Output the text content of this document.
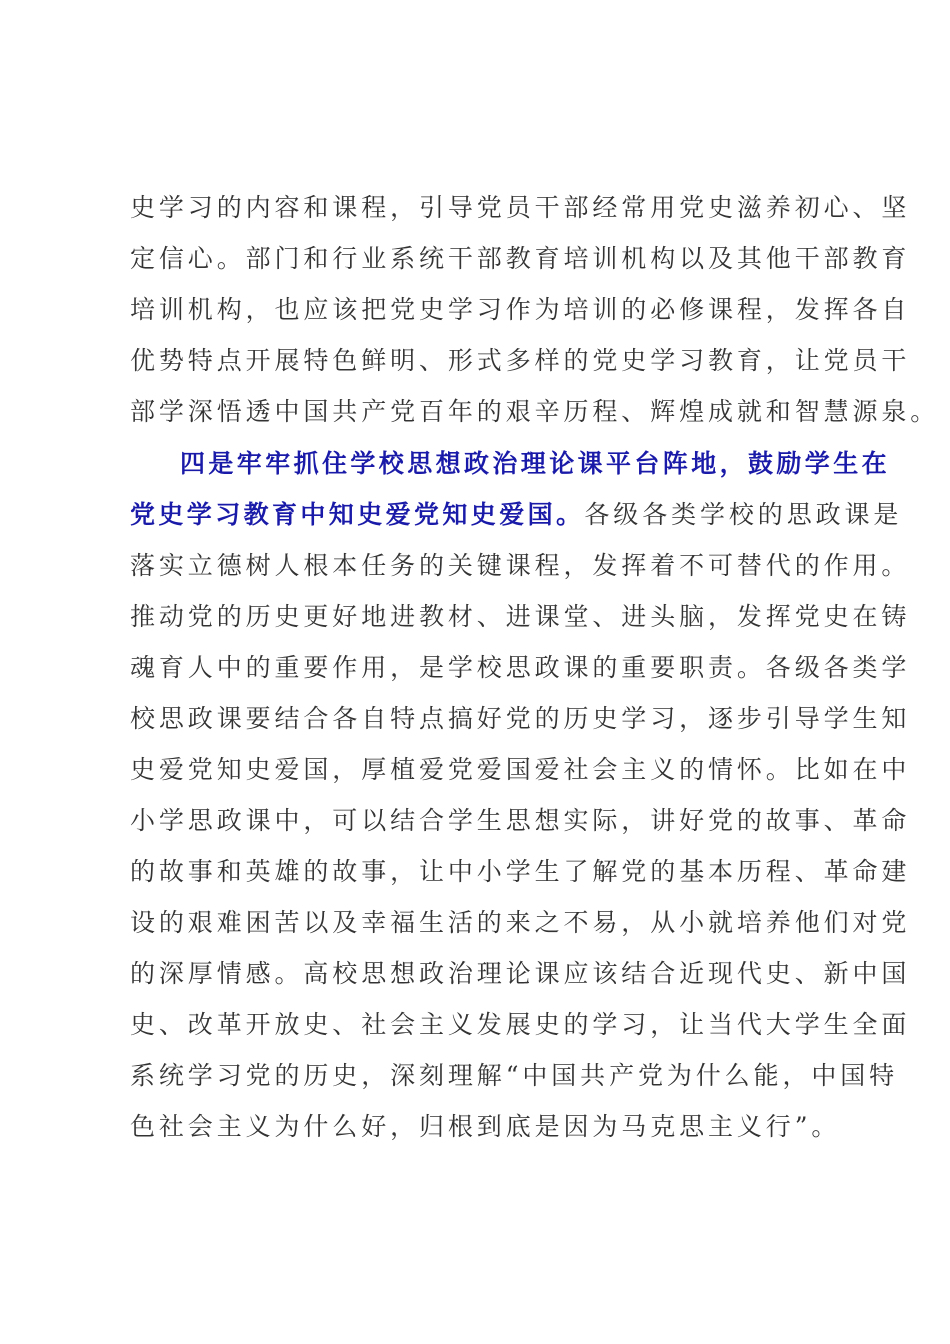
史学习的内容和课程，引导党员干部经常用党史滋养初心、坚
定信心。部门和行业系统干部教育培训机构以及其他干部教育
培训机构，也应该把党史学习作为培训的必修课程，发挥各自
优势特点开展特色鲜明、形式多样的党史学习教育，让党员干
部学深悟透中国共产党百年的艰辛历程、辉煌成就和智慧源泉。
四是牢牢抓住学校思想政治理论课平台阵地，鼓励学生在
党史学习教育中知史爱党知史爱国。各级各类学校的思政课是
落实立德树人根本任务的关键课程，发挥着不可替代的作用。
推动党的历史更好地进教材、进课堂、进头脑，发挥党史在铸
魂育人中的重要作用，是学校思政课的重要职责。各级各类学
校思政课要结合各自特点搞好党的历史学习，逐步引导学生知
史爱党知史爱国，厚植爱党爱国爱社会主义的情怀。比如在中
小学思政课中，可以结合学生思想实际，讲好党的故事、革命
的故事和英雄的故事，让中小学生了解党的基本历程、革命建
设的艰难困苦以及幸福生活的来之不易，从小就培养他们对党
的深厚情感。高校思想政治理论课应该结合近现代史、新中国
史、改革开放史、社会主义发展史的学习，让当代大学生全面
系统学习党的历史，深刻理解“中国共产党为什么能，中国特
色社会主义为什么好，归根到底是因为马克思主义行”。
